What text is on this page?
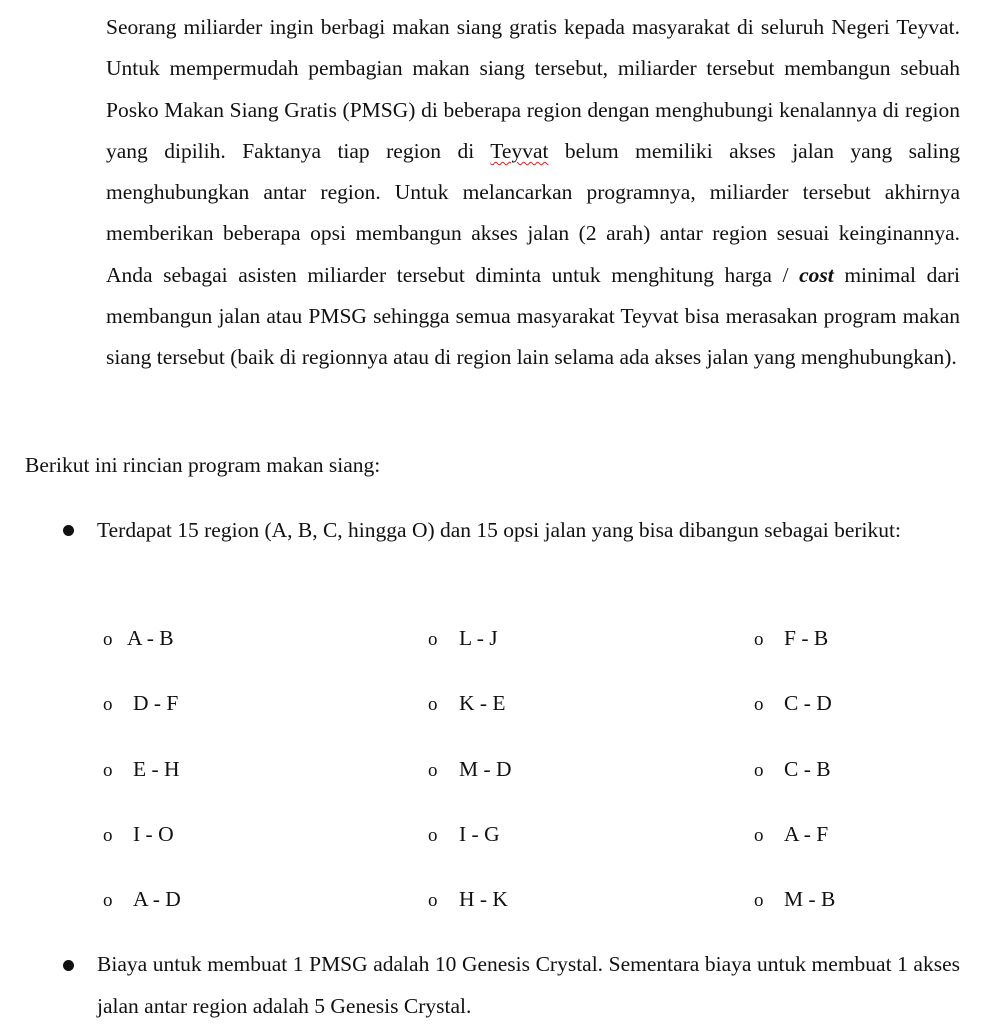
Seorang miliarder ingin berbagi makan siang gratis kepada masyarakat di seluruh Negeri Teyvat. Untuk mempermudah pembagian makan siang tersebut, miliarder tersebut membangun sebuah Posko Makan Siang Gratis (PMSG) di beberapa region dengan menghubungi kenalannya di region yang dipilih. Faktanya tiap region di Teyvat belum memiliki akses jalan yang saling menghubungkan antar region. Untuk melancarkan programnya, miliarder tersebut akhirnya memberikan beberapa opsi membangun akses jalan (2 arah) antar region sesuai keinginannya. Anda sebagai asisten miliarder tersebut diminta untuk menghitung harga / cost minimal dari membangun jalan atau PMSG sehingga semua masyarakat Teyvat bisa merasakan program makan siang tersebut (baik di regionnya atau di region lain selama ada akses jalan yang menghubungkan).

Berikut ini rincian program makan siang:

Terdapat 15 region (A, B, C, hingga O) dan 15 opsi jalan yang bisa dibangun sebagai berikut:

o A - B	o L - J	o F - B
o D - F	o K - E	o C - D
o E - H	o M - D	o C - B
o I - O	o I - G	o A - F
o A - D	o H - K	o M - B

Biaya untuk membuat 1 PMSG adalah 10 Genesis Crystal. Sementara biaya untuk membuat 1 akses jalan antar region adalah 5 Genesis Crystal.
